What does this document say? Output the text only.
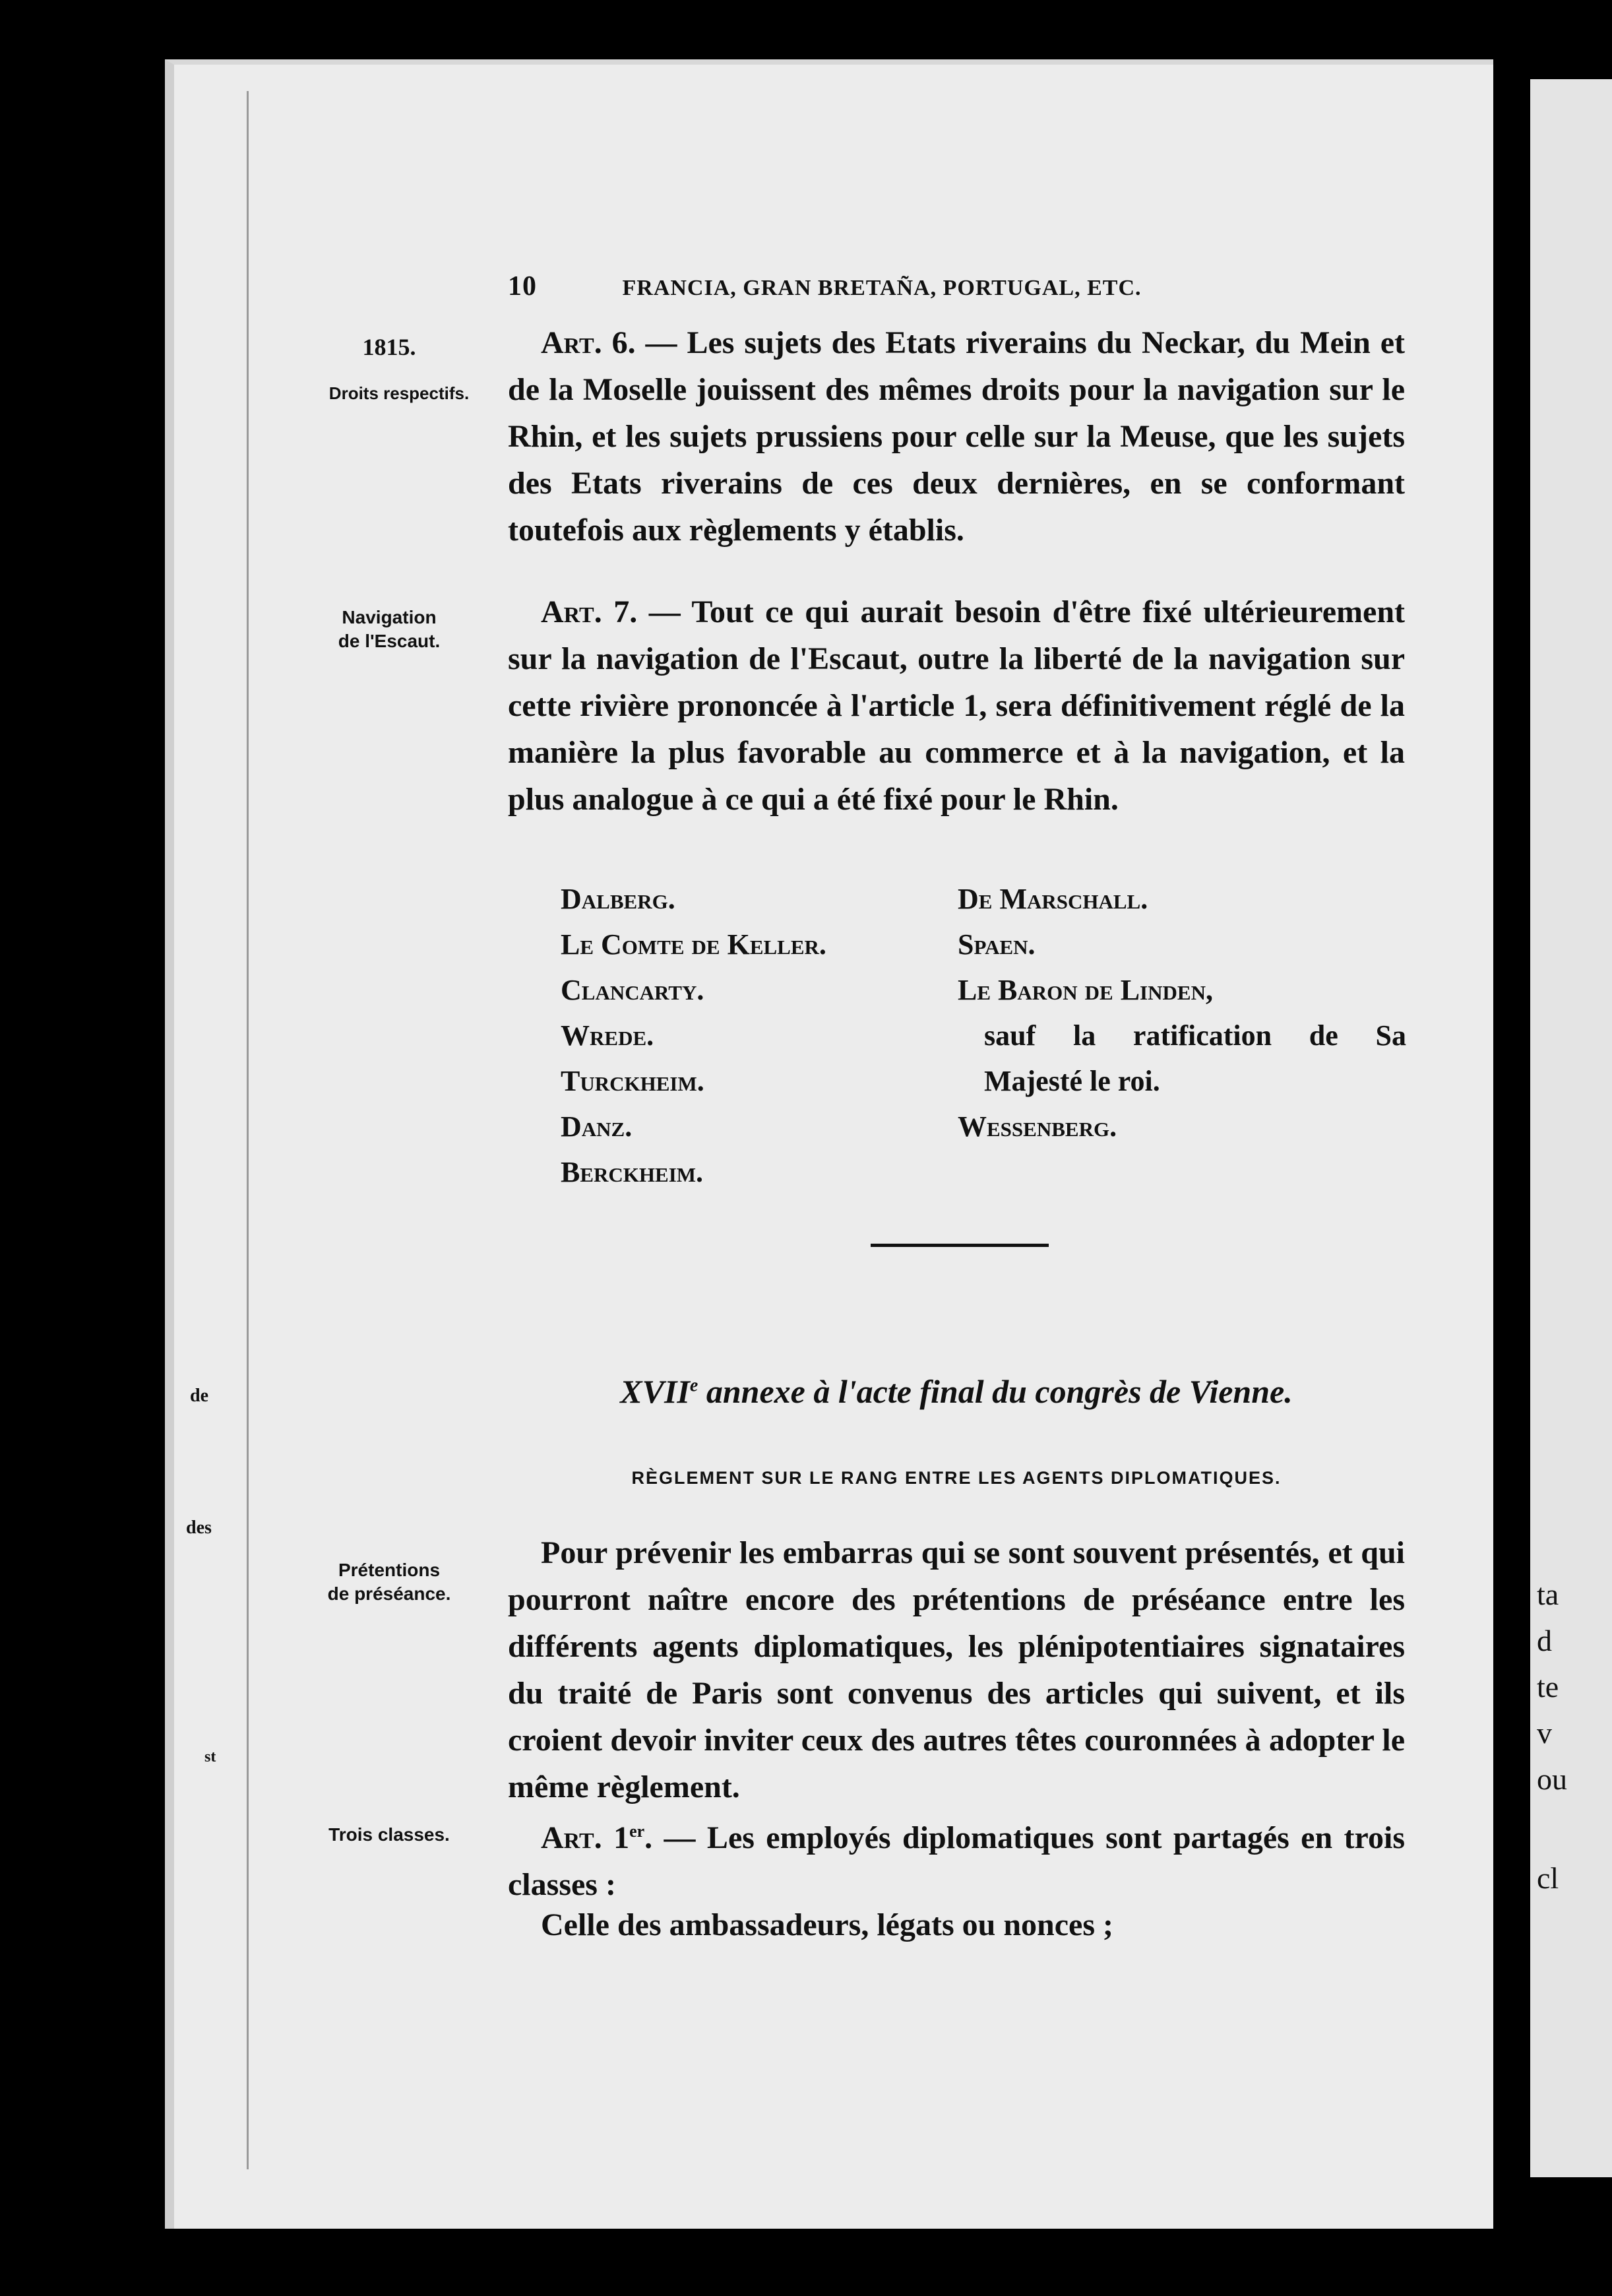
ta
d
te
v
ou
cl
de
des
st
10	FRANCIA, GRAN BRETAÑA, PORTUGAL, ETC.
1815.
Droits respectifs.
Navigation
de l'Escaut.
Prétentions
de préséance.
Trois classes.
Art. 6. — Les sujets des Etats riverains du Neckar, du Mein et de la Moselle jouissent des mêmes droits pour la navigation sur le Rhin, et les sujets prussiens pour celle sur la Meuse, que les sujets des Etats riverains de ces deux dernières, en se conformant toutefois aux règlements y établis.
Art. 7. — Tout ce qui aurait besoin d'être fixé ultérieurement sur la navigation de l'Escaut, outre la liberté de la navigation sur cette rivière prononcée à l'article 1, sera définitivement réglé de la manière la plus favorable au commerce et à la navigation, et la plus analogue à ce qui a été fixé pour le Rhin.
Dalberg.
Le Comte de Keller.
Clancarty.
Wrede.
Turckheim.
Danz.
Berckheim.
De Marschall.
Spaen.
Le Baron de Linden,
sauf la ratification de Sa
Majesté le roi.
Wessenberg.
XVIIe annexe à l'acte final du congrès de Vienne.
RÈGLEMENT SUR LE RANG ENTRE LES AGENTS DIPLOMATIQUES.
Pour prévenir les embarras qui se sont souvent présentés, et qui pourront naître encore des prétentions de préséance entre les différents agents diplomatiques, les plénipotentiaires signataires du traité de Paris sont convenus des articles qui suivent, et ils croient devoir inviter ceux des autres têtes couronnées à adopter le même règlement.
Art. 1er. — Les employés diplomatiques sont partagés en trois classes :
Celle des ambassadeurs, légats ou nonces ;
